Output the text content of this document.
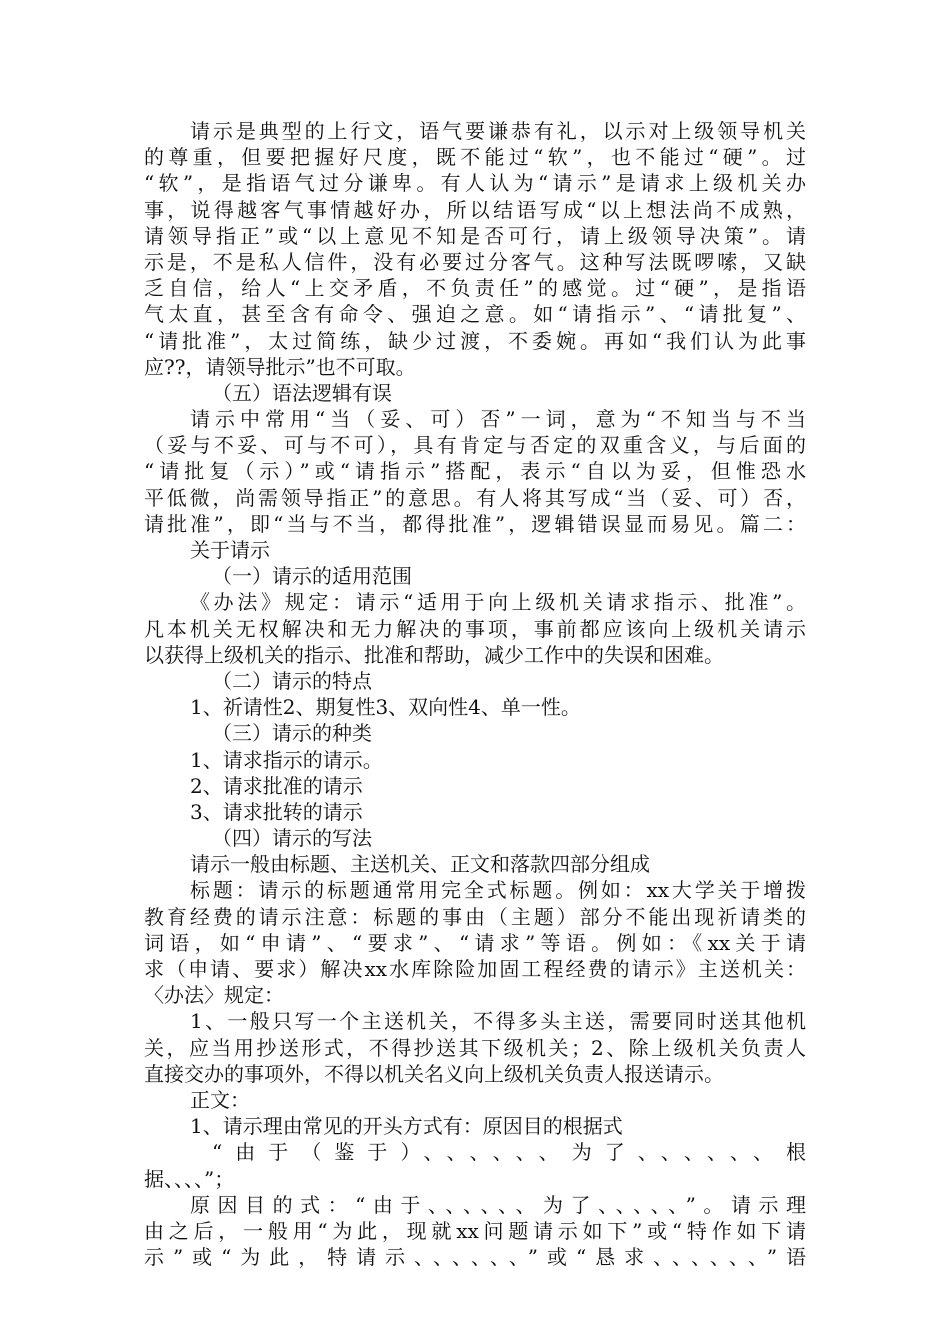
请示是典型的上行文，语气要谦恭有礼，以示对上级领导机关
的尊重，但要把握好尺度，既不能过“软”，也不能过“硬”。过
“软”，是指语气过分谦卑。有人认为“请示”是请求上级机关办
事，说得越客气事情越好办，所以结语写成“以上想法尚不成熟，
请领导指正”或“以上意见不知是否可行，请上级领导决策”。请
示是，不是私人信件，没有必要过分客气。这种写法既啰嗦，又缺
乏自信，给人“上交矛盾，不负责任”的感觉。过“硬”，是指语
气太直，甚至含有命令、强迫之意。如“请指示”、“请批复”、
“请批准”，太过简练，缺少过渡，不委婉。再如“我们认为此事
应??，请领导批示”也不可取。
（五）语法逻辑有误
请示中常用“当（妥、可）否”一词，意为“不知当与不当
（妥与不妥、可与不可），具有肯定与否定的双重含义，与后面的
“请批复（示）”或“请指示”搭配，表示“自以为妥，但惟恐水
平低微，尚需领导指正”的意思。有人将其写成“当（妥、可）否，
请批准”，即“当与不当，都得批准”，逻辑错误显而易见。篇二：
关于请示
（一）请示的适用范围
《办法》规定：请示“适用于向上级机关请求指示、批准”。
凡本机关无权解决和无力解决的事项，事前都应该向上级机关请示
以获得上级机关的指示、批准和帮助，减少工作中的失误和困难。
（二）请示的特点
1、祈请性2、期复性3、双向性4、单一性。
（三）请示的种类
1、请求指示的请示。
2、请求批准的请示
3、请求批转的请示
（四）请示的写法
请示一般由标题、主送机关、正文和落款四部分组成
标题：请示的标题通常用完全式标题。例如：xx大学关于增拨
教育经费的请示注意：标题的事由（主题）部分不能出现祈请类的
词语，如“申请”、“要求”、“请求”等语。例如：《xx关于请
求（申请、要求）解决xx水库除险加固工程经费的请示》主送机关：
〈办法〉规定：
1、一般只写一个主送机关，不得多头主送，需要同时送其他机
关，应当用抄送形式，不得抄送其下级机关；2、除上级机关负责人
直接交办的事项外，不得以机关名义向上级机关负责人报送请示。
正文：
1、请示理由常见的开头方式有：原因目的根据式
“由于（鉴于）、、、、、、为了、、、、、、根
据、、、、”；
原因目的式：“由于、、、、、、为了、、、、、”。请示理
由之后，一般用“为此，现就xx问题请示如下”或“特作如下请
示”或“为此，特请示、、、、、、”或“恳求、、、、、、”语
